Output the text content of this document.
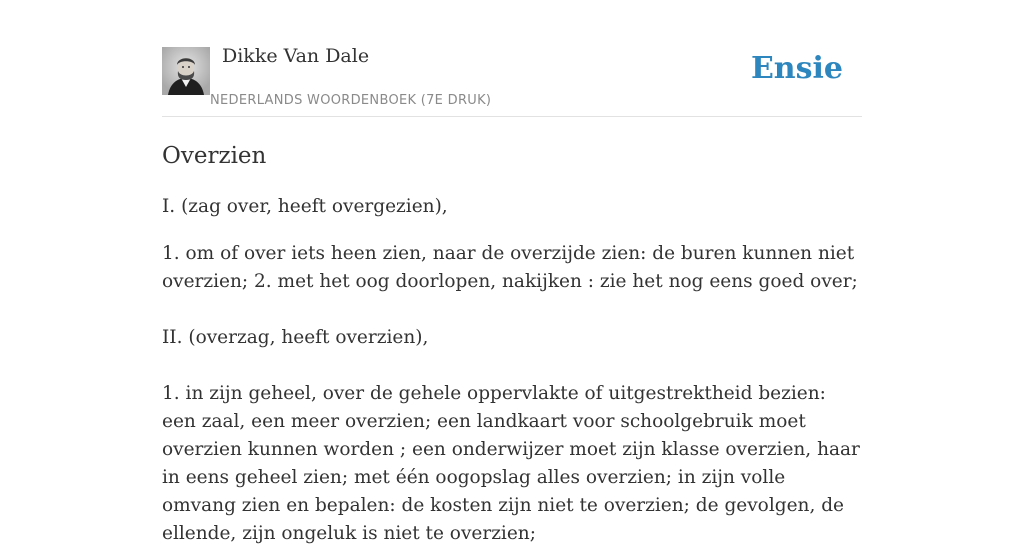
Dikke Van Dale
NEDERLANDS WOORDENBOEK (7E DRUK)
Ensie
Overzien

I. (zag over, heeft overgezien),

1. om of over iets heen zien, naar de overzijde zien: de buren kunnen niet overzien; 2. met het oog doorlopen, nakijken : zie het nog eens goed over;

II. (overzag, heeft overzien),

1. in zijn geheel, over de gehele oppervlakte of uitgestrektheid bezien: een zaal, een meer overzien; een landkaart voor schoolgebruik moet overzien kunnen worden ; een onderwijzer moet zijn klasse overzien, haar in eens geheel zien; met één oogopslag alles overzien; in zijn volle omvang zien en bepalen: de kosten zijn niet te overzien; de gevolgen, de ellende, zijn ongeluk is niet te overzien;
